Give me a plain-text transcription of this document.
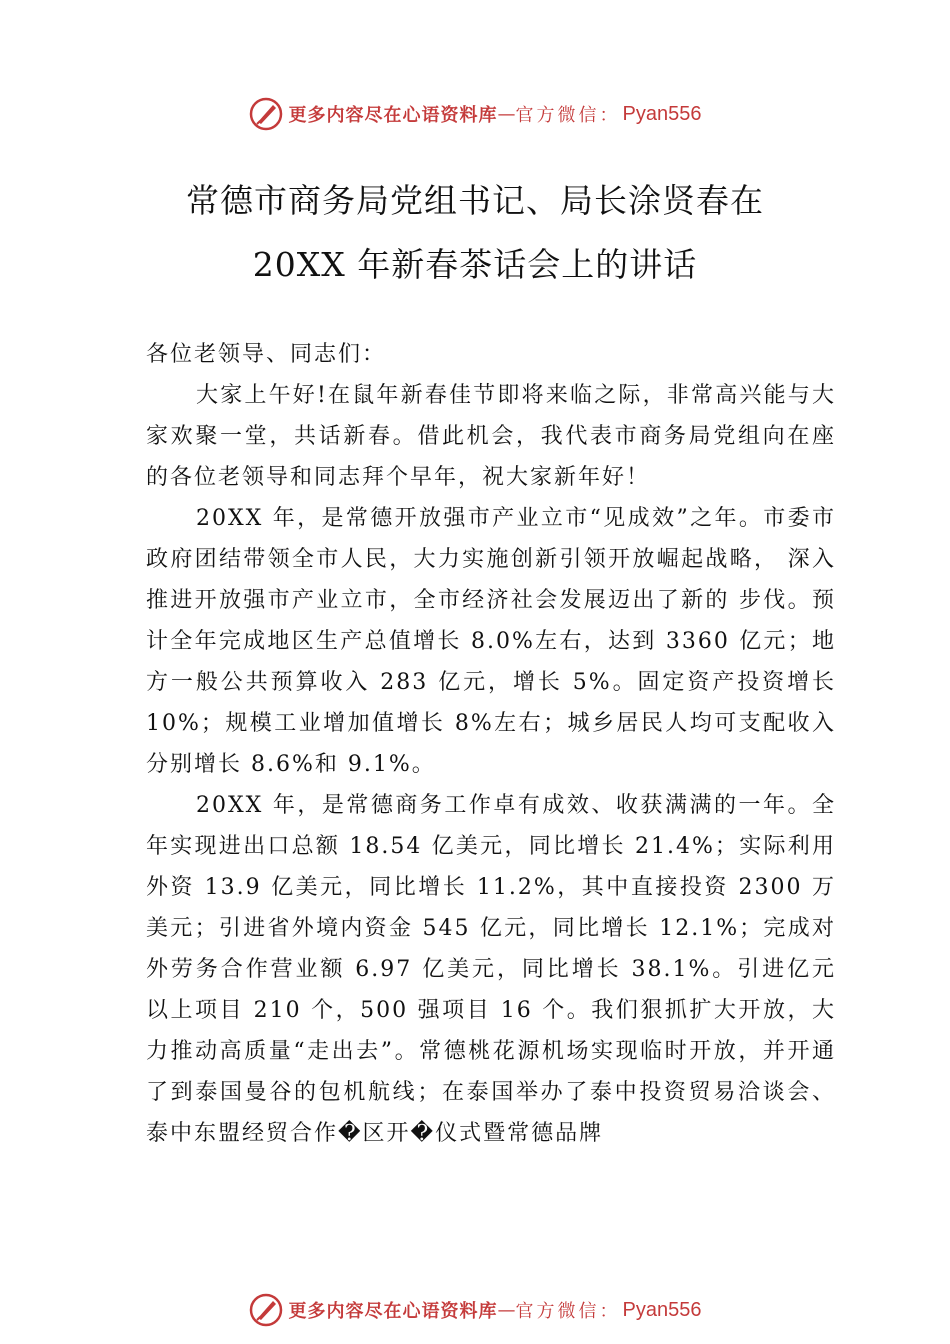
更多内容尽在心语资料库 — 官方微信： Pyan556
常德市商务局党组书记、局长涂贤春在
20XX 年新春茶话会上的讲话

各位老领导、同志们：

大家上午好!在鼠年新春佳节即将来临之际，非常高兴能与大家欢聚一堂，共话新春。借此机会，我代表市商务局党组向在座的各位老领导和同志拜个早年，祝大家新年好！

20XX 年，是常德开放强市产业立市“见成效”之年。市委市政府团结带领全市人民，大力实施创新引领开放崛起战略， 深入推进开放强市产业立市，全市经济社会发展迈出了新的 步伐。预计全年完成地区生产总值增长 8.0%左右，达到 3360 亿元；地方一般公共预算收入 283 亿元，增长 5%。固定资产投资增长 10%；规模工业增加值增长 8%左右；城乡居民人均可支配收入分别增长 8.6%和 9.1%。

20XX 年，是常德商务工作卓有成效、收获满满的一年。全年实现进出口总额 18.54 亿美元，同比增长 21.4%；实际利用外资 13.9 亿美元，同比增长 11.2%，其中直接投资 2300 万美元；引进省外境内资金 545 亿元，同比增长 12.1%；完成对外劳务合作营业额 6.97 亿美元，同比增长 38.1%。引进亿元以上项目 210 个，500 强项目 16 个。我们狠抓扩大开放，大力推动高质量“走出去”。常德桃花源机场实现临时开放，并开通了到泰国曼谷的包机航线；在泰国举办了泰中投资贸易洽谈会、泰中东盟经贸合作�区开�仪式暨常德品牌

更多内容尽在心语资料库 — 官方微信： Pyan556
